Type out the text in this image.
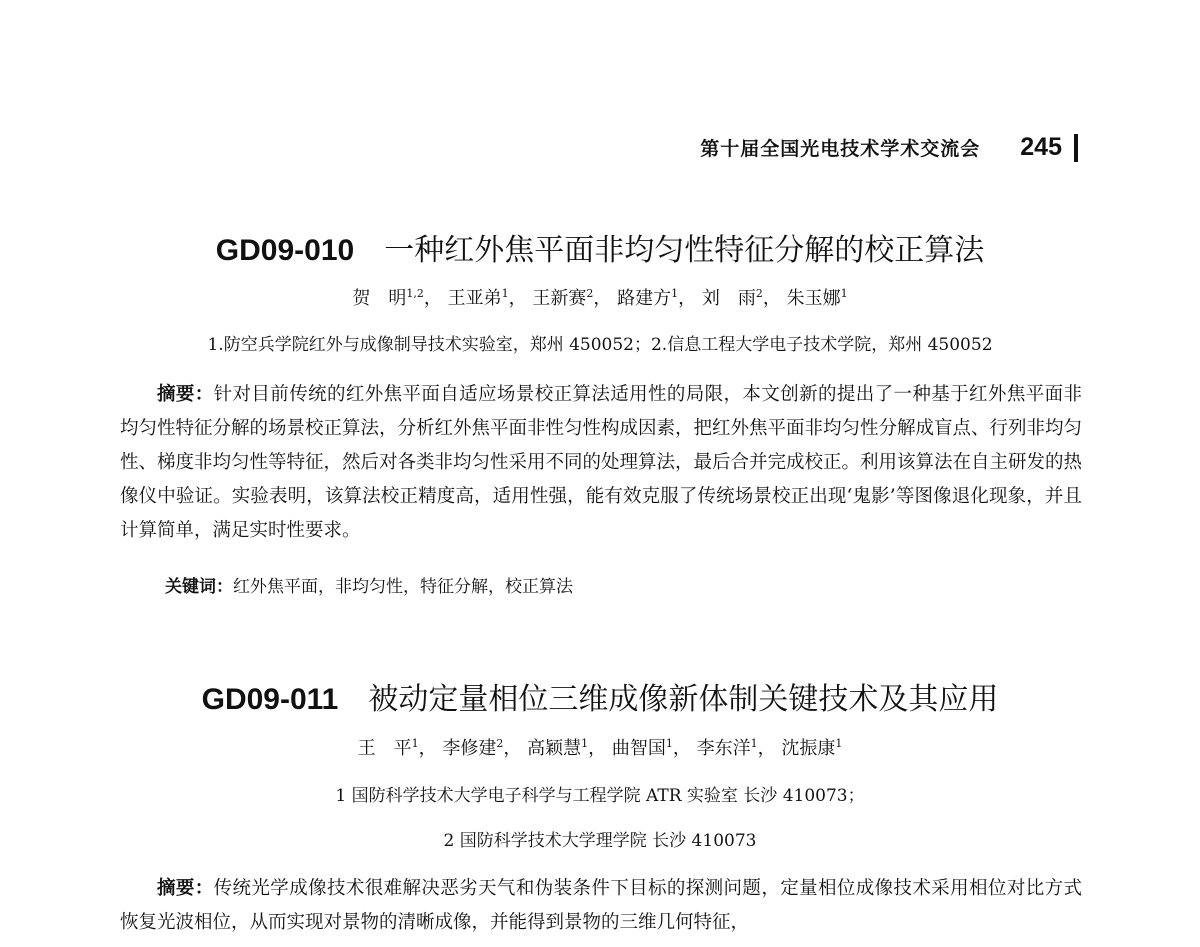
第十届全国光电技术学术交流会 245
GD09-010 一种红外焦平面非均匀性特征分解的校正算法
贺　明$^{1,2}$， 王亚弟$^1$， 王新赛$^2$， 路建方$^1$， 刘　雨$^2$， 朱玉娜$^1$
1.防空兵学院红外与成像制导技术实验室，郑州 450052；2.信息工程大学电子技术学院，郑州 450052
摘要：针对目前传统的红外焦平面自适应场景校正算法适用性的局限，本文创新的提出了一种基于红外焦平面非均匀性特征分解的场景校正算法，分析红外焦平面非性匀性构成因素，把红外焦平面非均匀性分解成盲点、行列非均匀性、梯度非均匀性等特征，然后对各类非均匀性采用不同的处理算法，最后合并完成校正。利用该算法在自主研发的热像仪中验证。实验表明，该算法校正精度高，适用性强，能有效克服了传统场景校正出现‘鬼影’等图像退化现象，并且计算简单，满足实时性要求。
关键词：红外焦平面，非均匀性，特征分解，校正算法
GD09-011 被动定量相位三维成像新体制关键技术及其应用
王　平$^1$， 李修建$^2$， 高颖慧$^1$， 曲智国$^1$， 李东洋$^1$， 沈振康$^1$
1 国防科学技术大学电子科学与工程学院 ATR 实验室 长沙 410073；
2 国防科学技术大学理学院 长沙 410073
摘要：传统光学成像技术很难解决恶劣天气和伪装条件下目标的探测问题，定量相位成像技术采用相位对比方式恢复光波相位，从而实现对景物的清晰成像，并能得到景物的三维几何特征，
